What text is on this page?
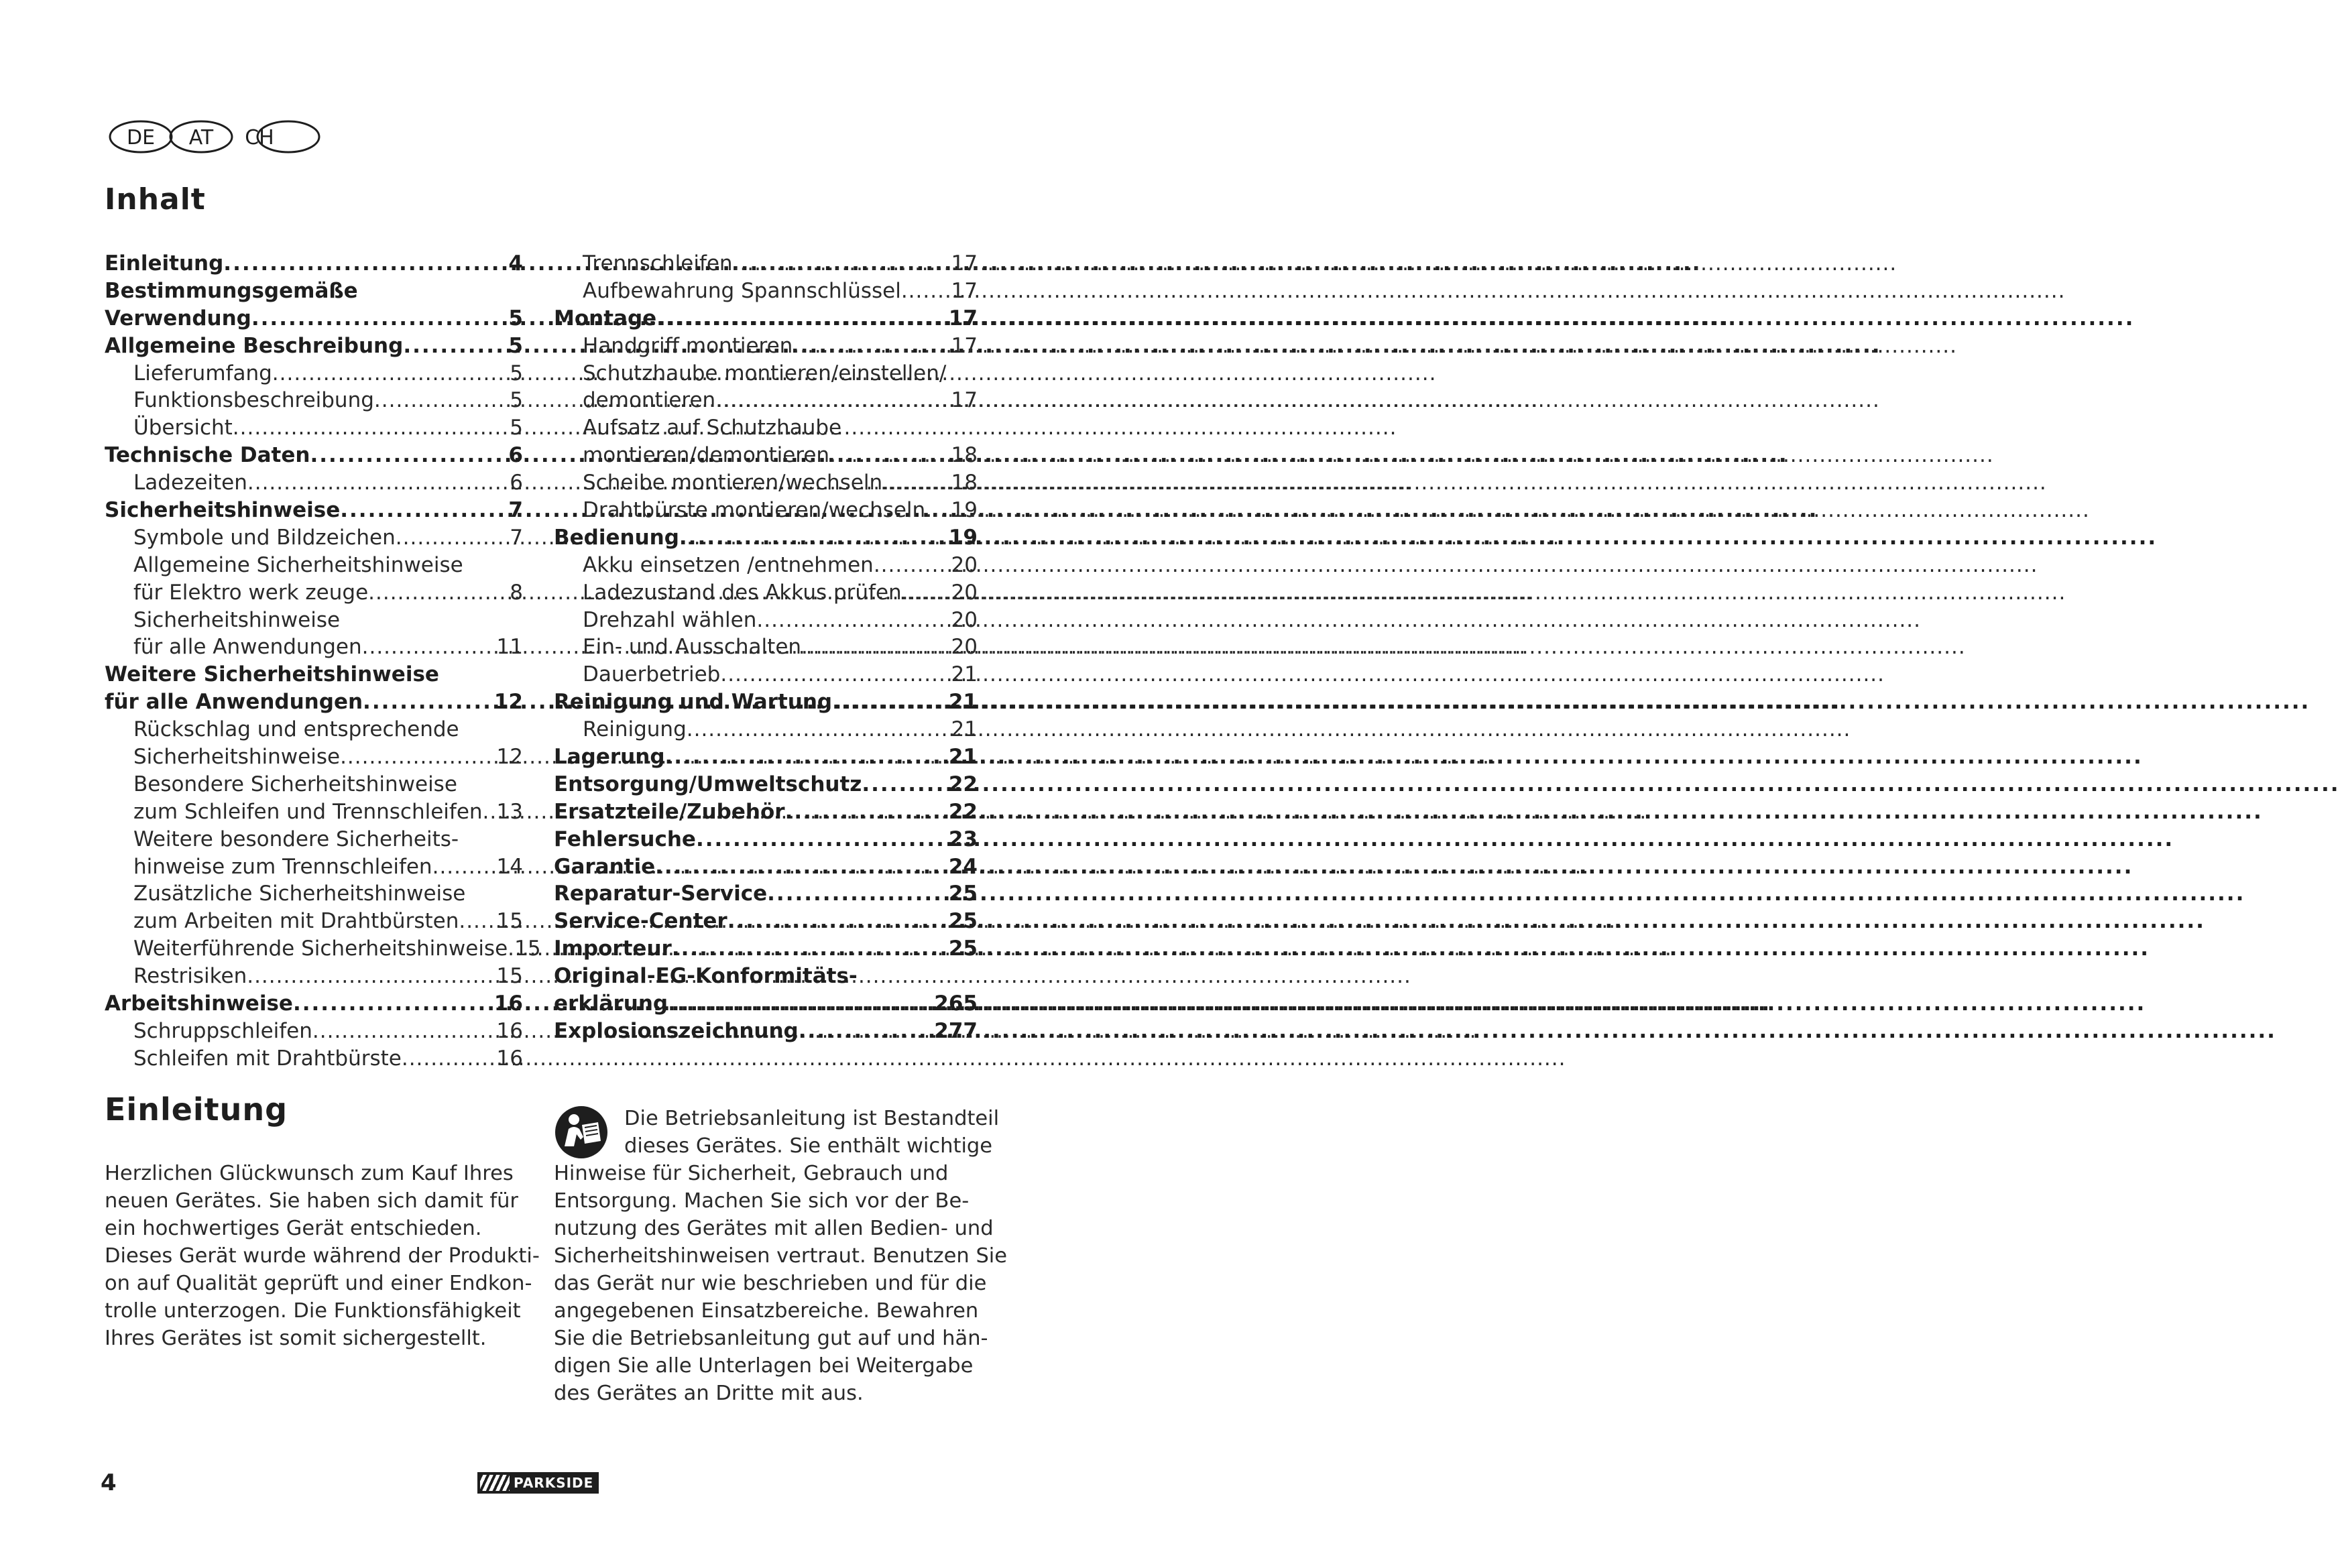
DE AT CH
Inhalt
Einleitung .....	4
Bestimmungsgemäße
Verwendung .....	5
Allgemeine Beschreibung .....	5
Lieferumfang .....	5
Funktionsbeschreibung .....	5
Übersicht .....	5
Technische Daten .....	6
Ladezeiten .....	6
Sicherheitshinweise .....	7
Symbole und Bildzeichen .....	7
Allgemeine Sicherheitshinweise
für Elektro werk zeuge .....	8
Sicherheitshinweise
für alle Anwendungen .....	11
Weitere Sicherheitshinweise
für alle Anwendungen .....	12
Rückschlag und entsprechende
Sicherheitshinweise .....	12
Besondere Sicherheitshinweise
zum Schleifen und Trennschleifen ..... 13
Weitere besondere Sicherheits-
hinweise zum Trennschleifen .....	14
Zusätzliche Sicherheitshinweise
zum Arbeiten mit Drahtbürsten ..... 15
Weiterführende Sicherheitshinweise ..... 15
Restrisiken .....	15
Arbeitshinweise .....	16
Schruppschleifen .....	16
Schleifen mit Drahtbürste .....	16
Trennschleifen .....	17
Aufbewahrung Spannschlüssel ..... 17
Montage .....	17
Handgriff montieren .....	17
Schutzhaube montieren/einstellen/
demontieren .....	17
Aufsatz auf Schutzhaube
montieren/demontieren .....	18
Scheibe montieren/wechseln .....	18
Drahtbürste montieren/wechseln ..... 19
Bedienung .....	19
Akku einsetzen /entnehmen .....	20
Ladezustand des Akkus prüfen ..... 20
Drehzahl wählen .....	20
Ein- und Ausschalten .....	20
Dauerbetrieb .....	21
Reinigung und Wartung .....	21
Reinigung .....	21
Lagerung .....	21
Entsorgung/Umweltschutz .....	22
Ersatzteile/Zubehör .....	22
Fehlersuche .....	23
Garantie .....	24
Reparatur-Service .....	25
Service-Center .....	25
Importeur .....	25
Original-EG-Konformitäts-
erklärung .....	265
Explosionszeichnung .....	277
Einleitung
Herzlichen Glückwunsch zum Kauf Ihres
neuen Gerätes. Sie haben sich damit für
ein hochwertiges Gerät entschieden.
Dieses Gerät wurde während der Produkti-
on auf Qualität geprüft und einer Endkon-
trolle unterzogen. Die Funktionsfähigkeit
Ihres Gerätes ist somit sichergestellt.
Die Betriebsanleitung ist Bestandteil
dieses Gerätes. Sie enthält wichtige
Hinweise für Sicherheit, Gebrauch und
Entsorgung. Machen Sie sich vor der Be-
nutzung des Gerätes mit allen Bedien- und
Sicherheitshinweisen vertraut. Benutzen Sie
das Gerät nur wie beschrieben und für die
angegebenen Einsatzbereiche. Bewahren
Sie die Betriebsanleitung gut auf und hän-
digen Sie alle Unterlagen bei Weitergabe
des Gerätes an Dritte mit aus.
4	PARKSIDE
